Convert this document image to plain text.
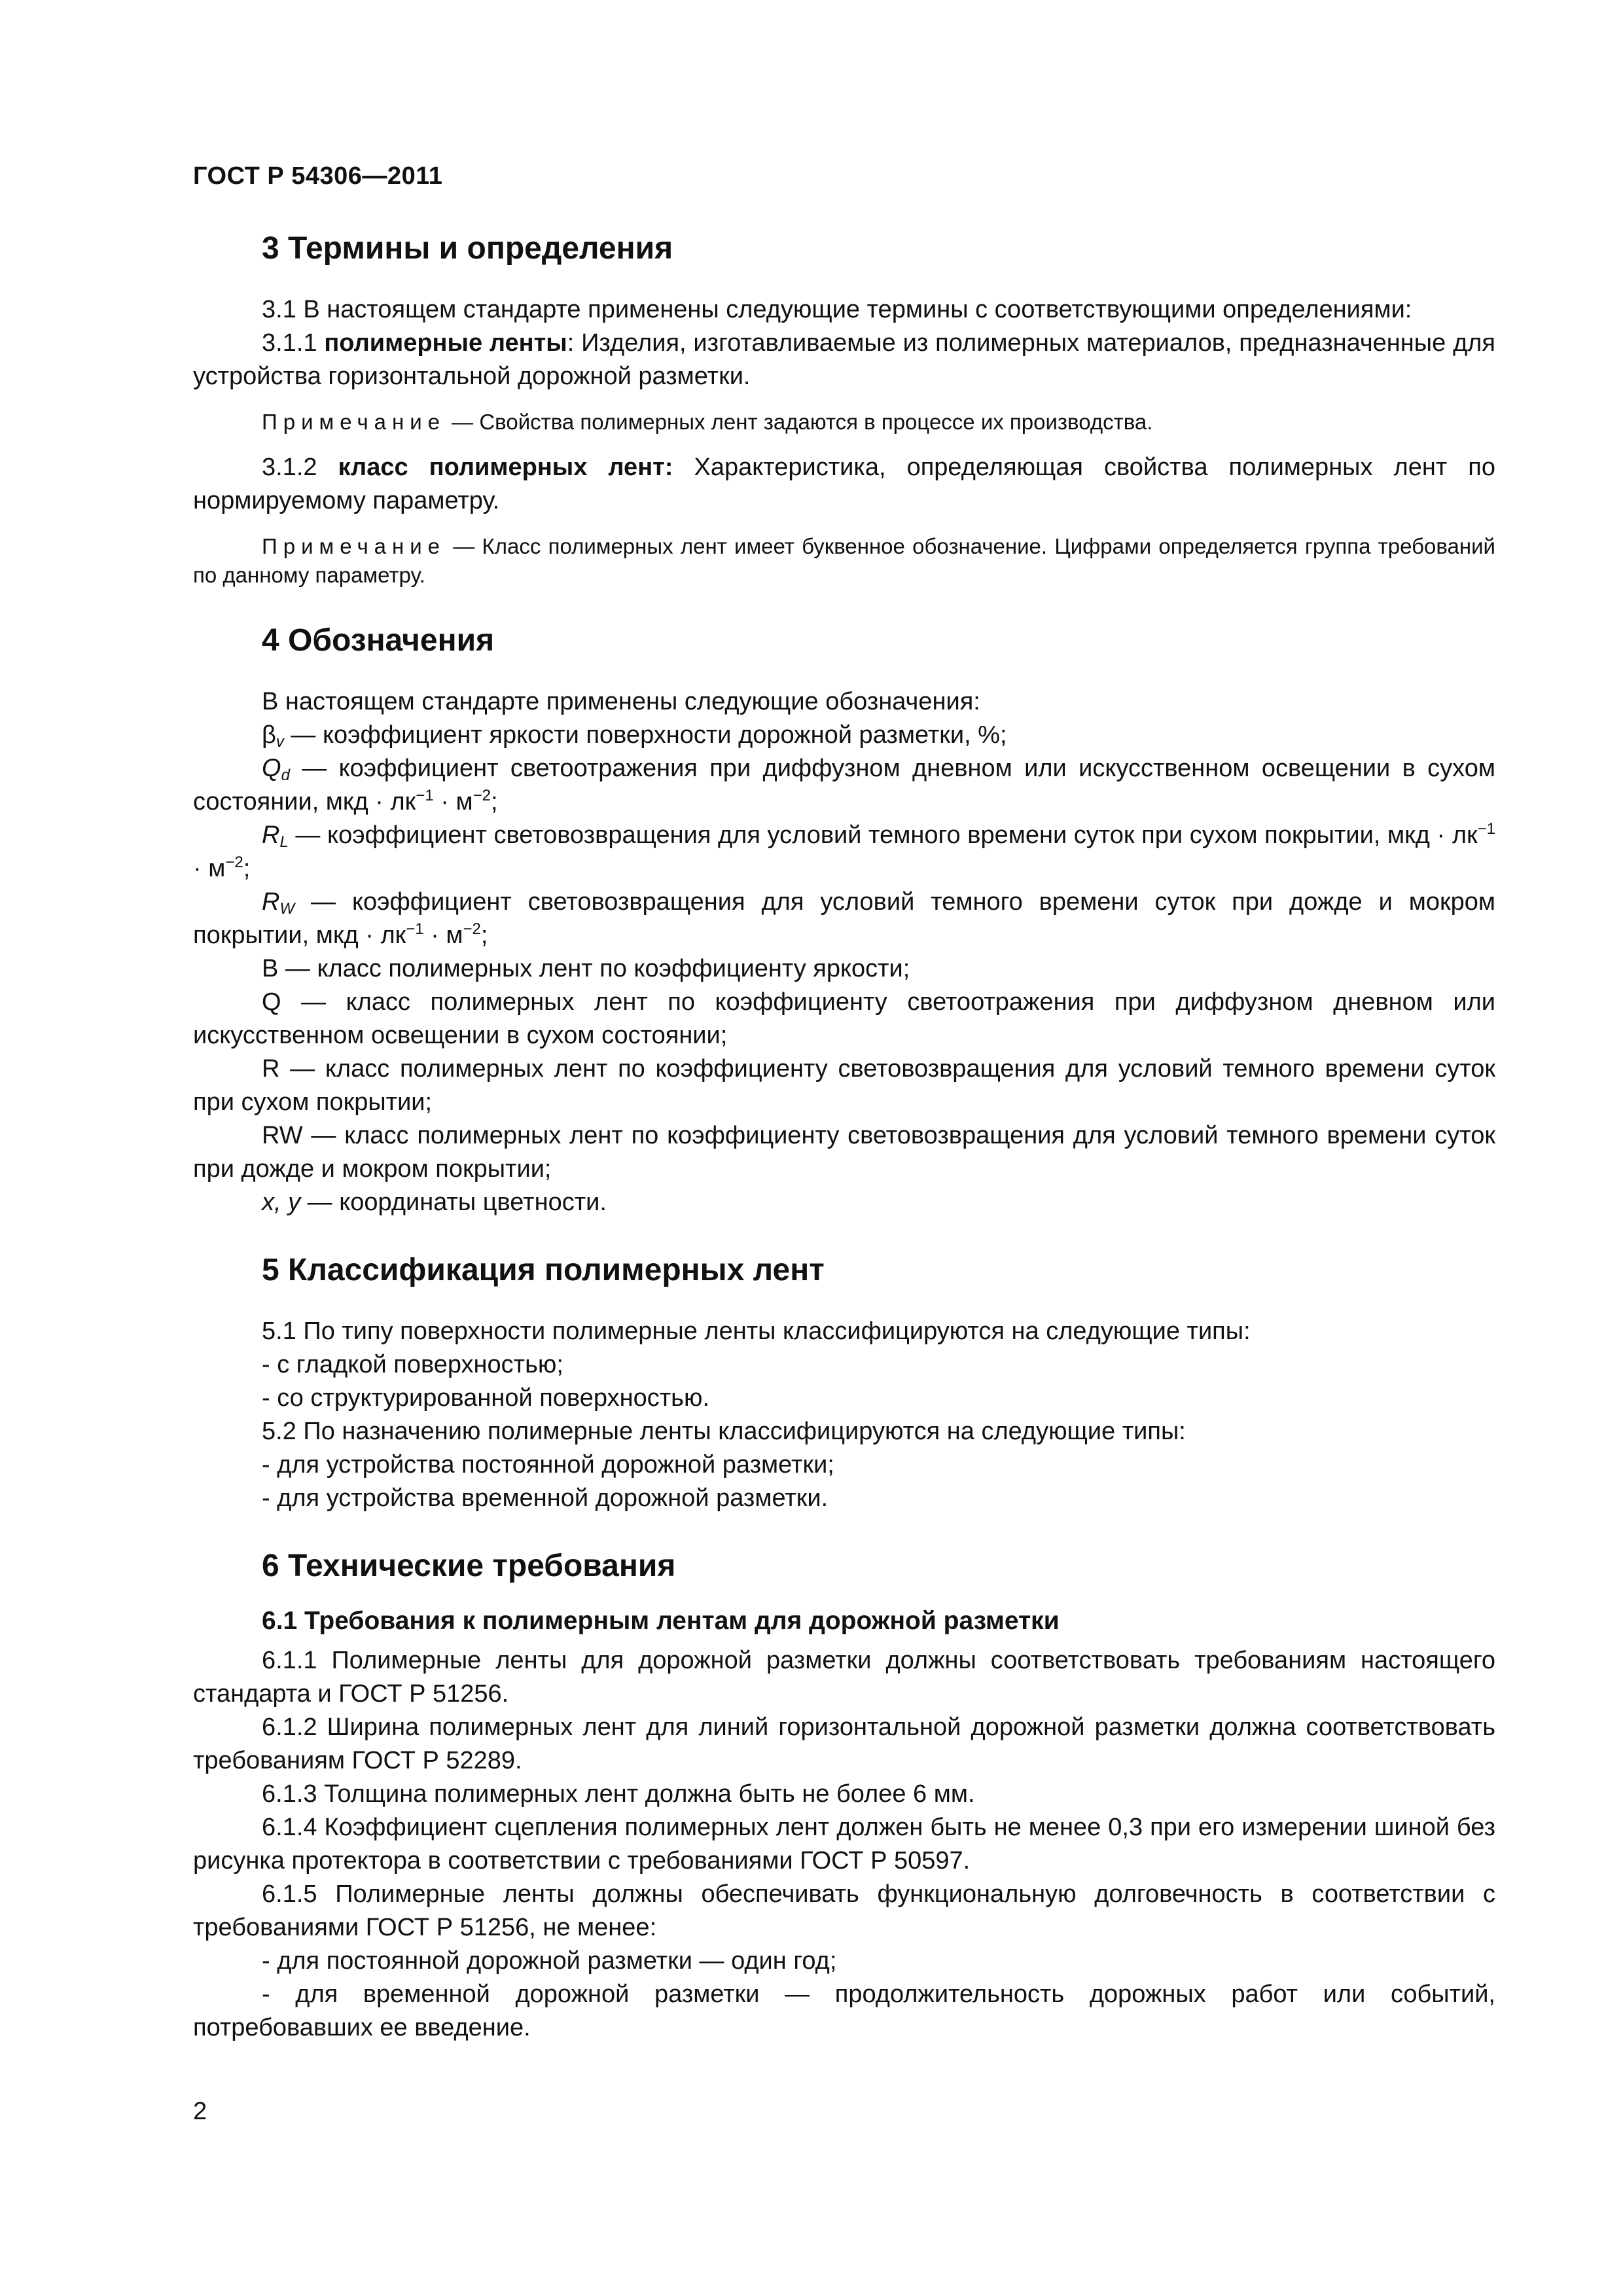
ГОСТ Р 54306—2011
3 Термины и определения

3.1 В настоящем стандарте применены следующие термины с соответствующими определениями:

3.1.1 полимерные ленты: Изделия, изготавливаемые из полимерных материалов, предназначенные для устройства горизонтальной дорожной разметки.

Примечание — Свойства полимерных лент задаются в процессе их производства.

3.1.2 класс полимерных лент: Характеристика, определяющая свойства полимерных лент по нормируемому параметру.

Примечание — Класс полимерных лент имеет буквенное обозначение. Цифрами определяется группа требований по данному параметру.

4 Обозначения

В настоящем стандарте применены следующие обозначения:

$\beta_v$ — коэффициент яркости поверхности дорожной разметки, %;

$Q_d$ — коэффициент светоотражения при диффузном дневном или искусственном освещении в сухом состоянии, мкд · $лк^{-1} \cdot м^{-2}$;

$R_L$ — коэффициент световозвращения для условий темного времени суток при сухом покрытии, мкд · $лк^{-1} \cdot м^{-2}$;

$R_W$ — коэффициент световозвращения для условий темного времени суток при дожде и мокром покрытии, мкд · $лк^{-1} \cdot м^{-2}$;

B — класс полимерных лент по коэффициенту яркости;

Q — класс полимерных лент по коэффициенту светоотражения при диффузном дневном или искусственном освещении в сухом состоянии;

R — класс полимерных лент по коэффициенту световозвращения для условий темного времени суток при сухом покрытии;

RW — класс полимерных лент по коэффициенту световозвращения для условий темного времени суток при дожде и мокром покрытии;

x, y — координаты цветности.

5 Классификация полимерных лент

5.1 По типу поверхности полимерные ленты классифицируются на следующие типы:

- с гладкой поверхностью;

- со структурированной поверхностью.

5.2 По назначению полимерные ленты классифицируются на следующие типы:

- для устройства постоянной дорожной разметки;

- для устройства временной дорожной разметки.

6 Технические требования
6.1 Требования к полимерным лентам для дорожной разметки

6.1.1 Полимерные ленты для дорожной разметки должны соответствовать требованиям настоящего стандарта и ГОСТ Р 51256.

6.1.2 Ширина полимерных лент для линий горизонтальной дорожной разметки должна соответствовать требованиям ГОСТ Р 52289.

6.1.3 Толщина полимерных лент должна быть не более 6 мм.

6.1.4 Коэффициент сцепления полимерных лент должен быть не менее 0,3 при его измерении шиной без рисунка протектора в соответствии с требованиями ГОСТ Р 50597.

6.1.5 Полимерные ленты должны обеспечивать функциональную долговечность в соответствии с требованиями ГОСТ Р 51256, не менее:

- для постоянной дорожной разметки — один год;

- для временной дорожной разметки — продолжительность дорожных работ или событий, потребовавших ее введение.

2
